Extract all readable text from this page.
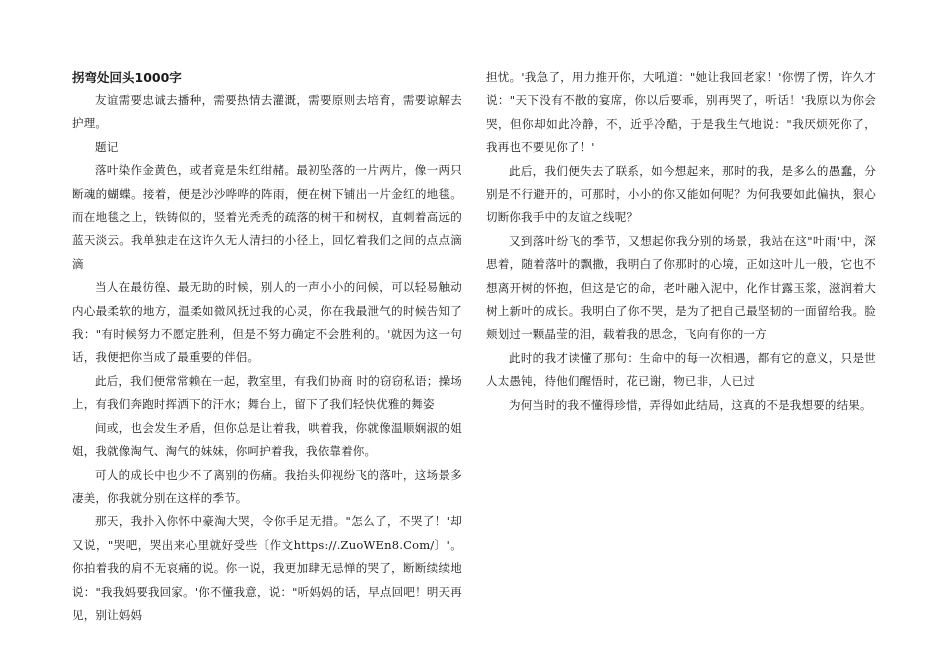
拐弯处回头1000字

友谊需要忠诚去播种，需要热情去灌溉，需要原则去培育，需要谅解去护理。

题记

落叶染作金黄色，或者竟是朱红绀赭。最初坠落的一片两片，像一两只断魂的蝴蝶。接着，便是沙沙哗哗的阵雨，便在树下铺出一片金红的地毯。而在地毯之上，铁铸似的，竖着光秃秃的疏落的树干和树权，直刺着高远的蓝天淡云。我单独走在这许久无人清扫的小径上，回忆着我们之间的点点滴滴

当人在最彷徨、最无助的时候，别人的一声小小的问候，可以轻易触动内心最柔软的地方，温柔如微风抚过我的心灵，你在我最泄气的时候告知了我："有时候努力不愿定胜利，但是不努力确定不会胜利的。'就因为这一句话，我便把你当成了最重要的伴侣。

此后，我们便常常赖在一起，教室里，有我们协商 时的窃窃私语；操场上，有我们奔跑时挥洒下的汗水；舞台上，留下了我们轻快优雅的舞姿

间或，也会发生矛盾，但你总是让着我，哄着我，你就像温顺娴淑的姐姐，我就像淘气、淘气的妹妹，你呵护着我，我依靠着你。

可人的成长中也少不了离别的伤痛。我抬头仰视纷飞的落叶，这场景多凄美，你我就分别在这样的季节。

那天，我扑入你怀中豪淘大哭，令你手足无措。"怎么了，不哭了！'却又说，"哭吧，哭出来心里就好受些〔作文https://.ZuoWEn8.Com/〕'。你拍着我的肩不无哀痛的说。你一说，我更加肆无忌惮的哭了，断断续续地说："我我妈要我回家。'你不懂我意，说："听妈妈的话，早点回吧！明天再见，别让妈妈

担忧。'我急了，用力推开你，大吼道："她让我回老家！'你愣了愣，许久才说："天下没有不散的宴席，你以后要乖，别再哭了，听话！'我原以为你会哭，但你却如此冷静，不，近乎冷酷，于是我生气地说："我厌烦死你了，我再也不要见你了！'

此后，我们便失去了联系，如今想起来，那时的我，是多么的愚蠢，分别是不行避开的，可那时，小小的你又能如何呢？为何我要如此偏执，狠心切断你我手中的友谊之线呢？

又到落叶纷飞的季节，又想起你我分别的场景，我站在这"叶雨'中，深思着，随着落叶的飘撒，我明白了你那时的心境，正如这叶儿一般，它也不想离开树的怀抱，但这是它的命，老叶融入泥中，化作甘露玉浆，滋润着大树上新叶的成长。我明白了你不哭，是为了把自己最坚韧的一面留给我。脸颊划过一颗晶莹的泪，载着我的思念，飞向有你的一方

此时的我才读懂了那句：生命中的每一次相遇，都有它的意义，只是世人太愚钝，待他们醒悟时，花已谢，物已非，人已过

为何当时的我不懂得珍惜，弄得如此结局，这真的不是我想要的结果。
